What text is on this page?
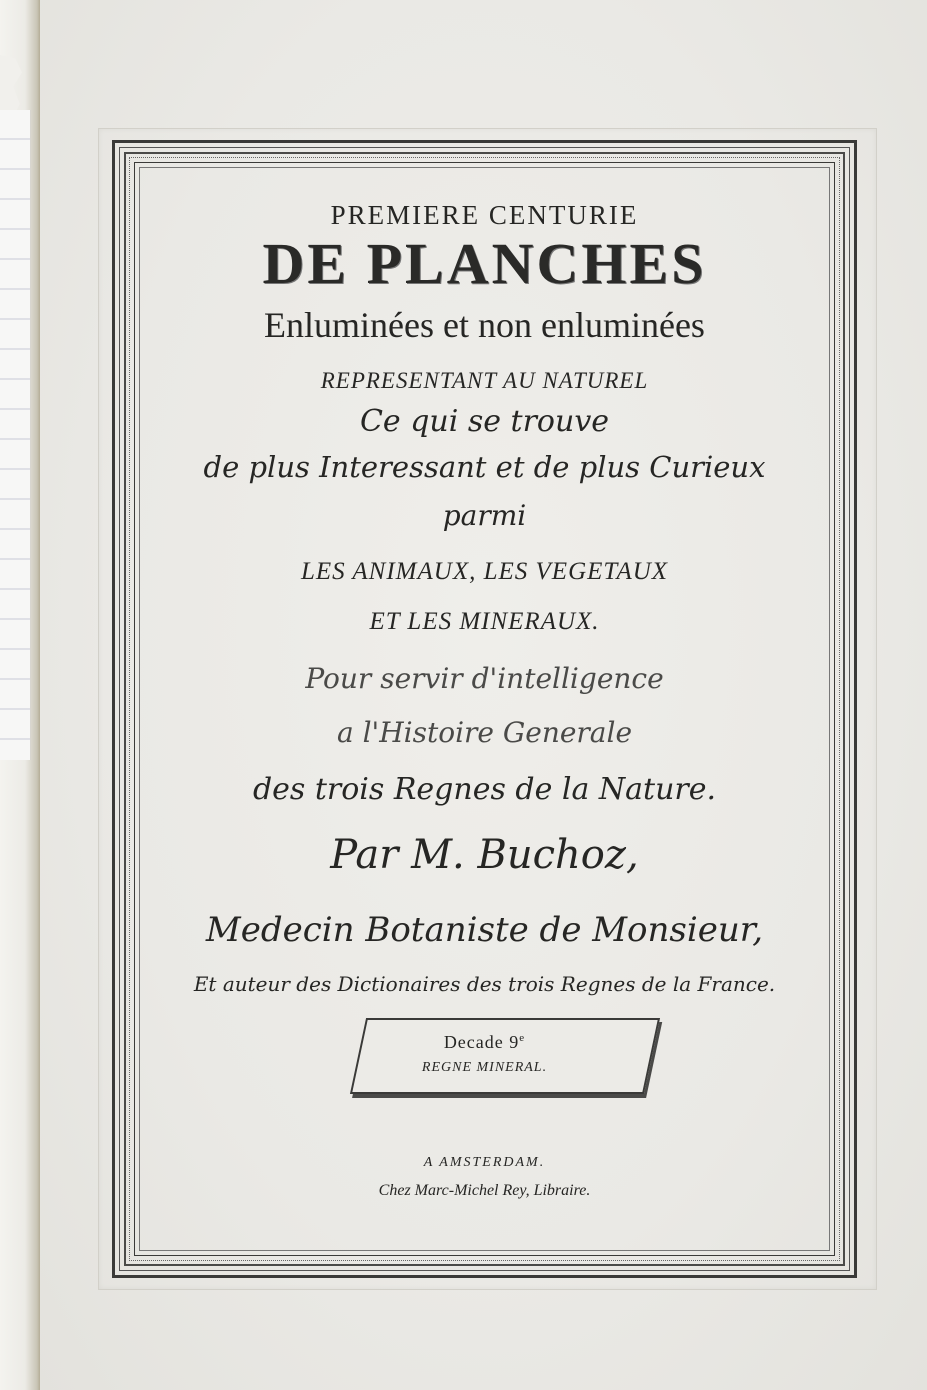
PREMIERE CENTURIE
DE PLANCHES
Enluminées et non enluminées
REPRESENTANT AU NATUREL
Ce qui se trouve
de plus Interessant et de plus Curieux
parmi
LES ANIMAUX, LES VEGETAUX
ET LES MINERAUX.
Pour servir d'intelligence
a l'Histoire Generale
des trois Regnes de la Nature.
Par M. Buchoz,
Medecin Botaniste de Monsieur,
Et auteur des Dictionaires des trois Regnes de la France.
Decade 9e
REGNE MINERAL.
A AMSTERDAM.
Chez Marc-Michel Rey, Libraire.
